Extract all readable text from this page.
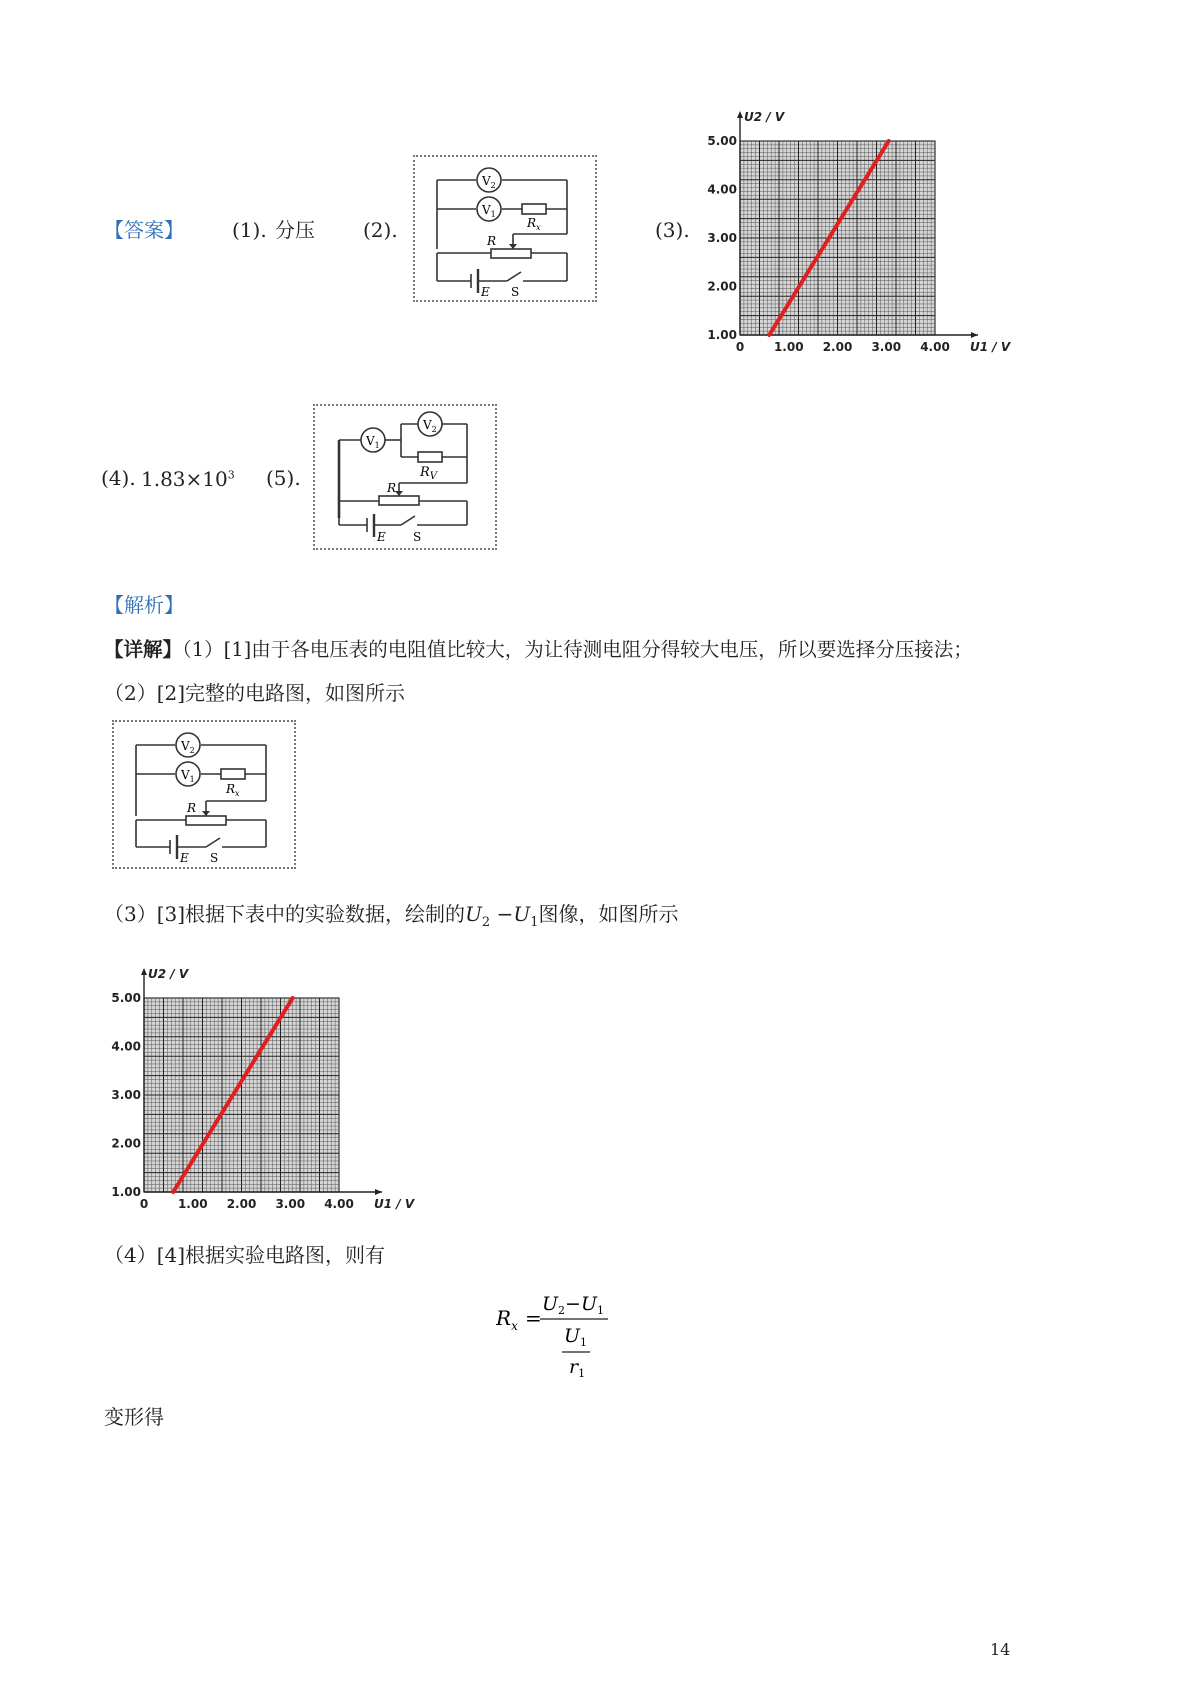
【答案】 (1). 分压 (2).
$V_2$
$V_1$
$R_x$
R
E S
(3).
1.00
2.00
3.00
4.00
5.00
0 1.00 2.00 3.00 4.00 U1 / V
U2 / V
(4). $1.83\times 10^3$ (5).
$V_1$
$V_2$
$R_V$
R
E S
【解析】
【详解】（1）[1]由于各电压表的电阻值比较大，为让待测电阻分得较大电压，所以要选择分压接法；
（2）[2]完整的电路图，如图所示
$V_2$
$V_1$
$R_x$
R
E S
（3）[3]根据下表中的实验数据，绘制的$U_2 -U_1$图像，如图所示
1.00
2.00
3.00
4.00
5.00
0 1.00 2.00 3.00 4.00 U1 / V
U2 / V
（4）[4]根据实验电路图，则有
$R_x$ =
$U_2-U_1$
$U_1$
$r_1$
变形得
14
